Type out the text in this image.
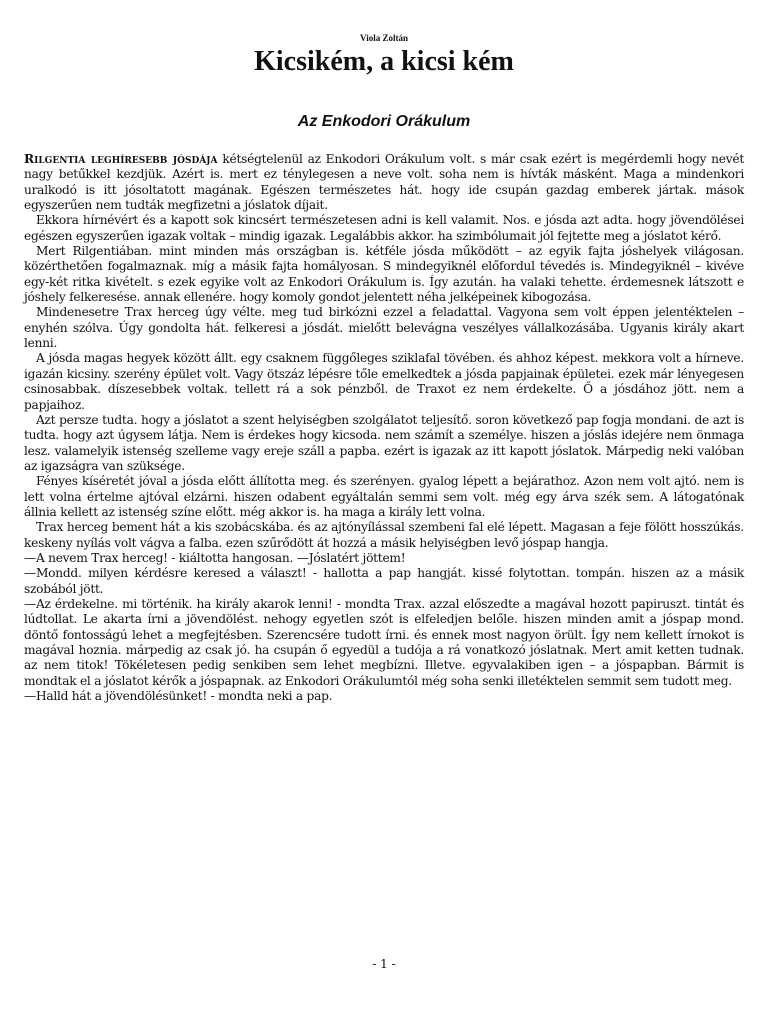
Viola Zoltán
Kicsikém, a kicsi kém
Az Enkodori Orákulum

Rilgentia leghíresebb jósdája kétségtelenül az Enkodori Orákulum volt. s már csak ezért is megérdemli hogy nevét nagy betűkkel kezdjük. Azért is. mert ez ténylegesen a neve volt. soha nem is hívták másként. Maga a mindenkori uralkodó is itt jósoltatott magának. Egészen természetes hát. hogy ide csupán gazdag emberek jártak. mások egyszerűen nem tudták megfizetni a jóslatok díjait.

Ekkora hírnévért és a kapott sok kincsért természetesen adni is kell valamit. Nos. e jósda azt adta. hogy jövendölései egészen egyszerűen igazak voltak – mindig igazak. Legalábbis akkor. ha szimbólumait jól fejtette meg a jóslatot kérő.

Mert Rilgentiában. mint minden más országban is. kétféle jósda működött – az egyik fajta jóshelyek világosan. közérthetően fogalmaznak. míg a másik fajta homályosan. S mindegyiknél előfordul tévedés is. Mindegyiknél – kivéve egy-két ritka kivételt. s ezek egyike volt az Enkodori Orákulum is. Így azután. ha valaki tehette. érdemesnek látszott e jóshely felkeresése. annak ellenére. hogy komoly gondot jelentett néha jelképeinek kibogozása.

Mindenesetre Trax herceg úgy vélte. meg tud birkózni ezzel a feladattal. Vagyona sem volt éppen jelentéktelen – enyhén szólva. Úgy gondolta hát. felkeresi a jósdát. mielőtt belevágna veszélyes vállalkozásába. Ugyanis király akart lenni.

A jósda magas hegyek között állt. egy csaknem függőleges sziklafal tövében. és ahhoz képest. mekkora volt a hírneve. igazán kicsiny. szerény épület volt. Vagy ötszáz lépésre tőle emelkedtek a jósda papjainak épületei. ezek már lényegesen csinosabbak. díszesebbek voltak. tellett rá a sok pénzből. de Traxot ez nem érdekelte. Ő a jósdához jött. nem a papjaihoz.

Azt persze tudta. hogy a jóslatot a szent helyiségben szolgálatot teljesítő. soron következő pap fogja mondani. de azt is tudta. hogy azt úgysem látja. Nem is érdekes hogy kicsoda. nem számít a személye. hiszen a jóslás idejére nem önmaga lesz. valamelyik istenség szelleme vagy ereje száll a papba. ezért is igazak az itt kapott jóslatok. Márpedig neki valóban az igazságra van szüksége.

Fényes kíséretét jóval a jósda előtt állította meg. és szerényen. gyalog lépett a bejárathoz. Azon nem volt ajtó. nem is lett volna értelme ajtóval elzárni. hiszen odabent egyáltalán semmi sem volt. még egy árva szék sem. A látogatónak állnia kellett az istenség színe előtt. még akkor is. ha maga a király lett volna.

Trax herceg bement hát a kis szobácskába. és az ajtónyílással szembeni fal elé lépett. Magasan a feje fölött hosszúkás. keskeny nyílás volt vágva a falba. ezen szűrődött át hozzá a másik helyiségben levő jóspap hangja.

—A nevem Trax herceg! - kiáltotta hangosan. —Jóslatért jöttem!

—Mondd. milyen kérdésre keresed a választ! - hallotta a pap hangját. kissé folytottan. tompán. hiszen az a másik szobából jött.

—Az érdekelne. mi történik. ha király akarok lenni! - mondta Trax. azzal előszedte a magával hozott papiruszt. tintát és lúdtollat. Le akarta írni a jövendölést. nehogy egyetlen szót is elfeledjen belőle. hiszen minden amit a jóspap mond. döntő fontosságú lehet a megfejtésben. Szerencsére tudott írni. és ennek most nagyon örült. Így nem kellett írnokot is magával hoznia. márpedig az csak jó. ha csupán ő egyedül a tudója a rá vonatkozó jóslatnak. Mert amit ketten tudnak. az nem titok! Tökéletesen pedig senkiben sem lehet megbízni. Illetve. egyvalakiben igen – a jóspapban. Bármit is mondtak el a jóslatot kérők a jóspapnak. az Enkodori Orákulumtól még soha senki illetéktelen semmit sem tudott meg.

—Halld hát a jövendölésünket! - mondta neki a pap.

- 1 -
